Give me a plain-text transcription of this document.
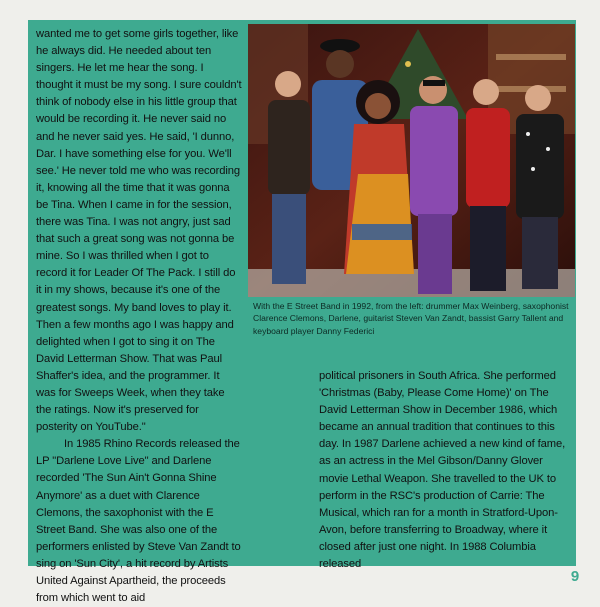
wanted me to get some girls together, like he always did. He needed about ten singers. He let me hear the song. I thought it must be my song. I sure couldn't think of nobody else in his little group that would be recording it. He never said no and he never said yes. He said, 'I dunno, Dar. I have something else for you. We'll see.' He never told me who was recording it, knowing all the time that it was gonna be Tina. When I came in for the session, there was Tina. I was not angry, just sad that such a great song was not gonna be mine. So I was thrilled when I got to record it for Leader Of The Pack. I still do it in my shows, because it's one of the greatest songs. My band loves to play it. Then a few months ago I was happy and delighted when I got to sing it on The David Letterman Show. That was Paul Shaffer's idea, and the programmer. It was for Sweeps Week, when they take the ratings. Now it's preserved for posterity on YouTube."

In 1985 Rhino Records released the LP "Darlene Love Live" and Darlene recorded 'The Sun Ain't Gonna Shine Anymore' as a duet with Clarence Clemons, the saxophonist with the E Street Band. She was also one of the performers enlisted by Steve Van Zandt to sing on 'Sun City', a hit record by Artists United Against Apartheid, the proceeds from which went to aid

With the E Street Band in 1992, from the left: drummer Max Weinberg, saxophonist Clarence Clemons, Darlene, guitarist Steven Van Zandt, bassist Garry Tallent and keyboard player Danny Federici

political prisoners in South Africa. She performed 'Christmas (Baby, Please Come Home)' on The David Letterman Show in December 1986, which became an annual tradition that continues to this day. In 1987 Darlene achieved a new kind of fame, as an actress in the Mel Gibson/Danny Glover movie Lethal Weapon. She travelled to the UK to perform in the RSC's production of Carrie: The Musical, which ran for a month in Stratford-Upon-Avon, before transferring to Broadway, where it closed after just one night. In 1988 Columbia released

9
